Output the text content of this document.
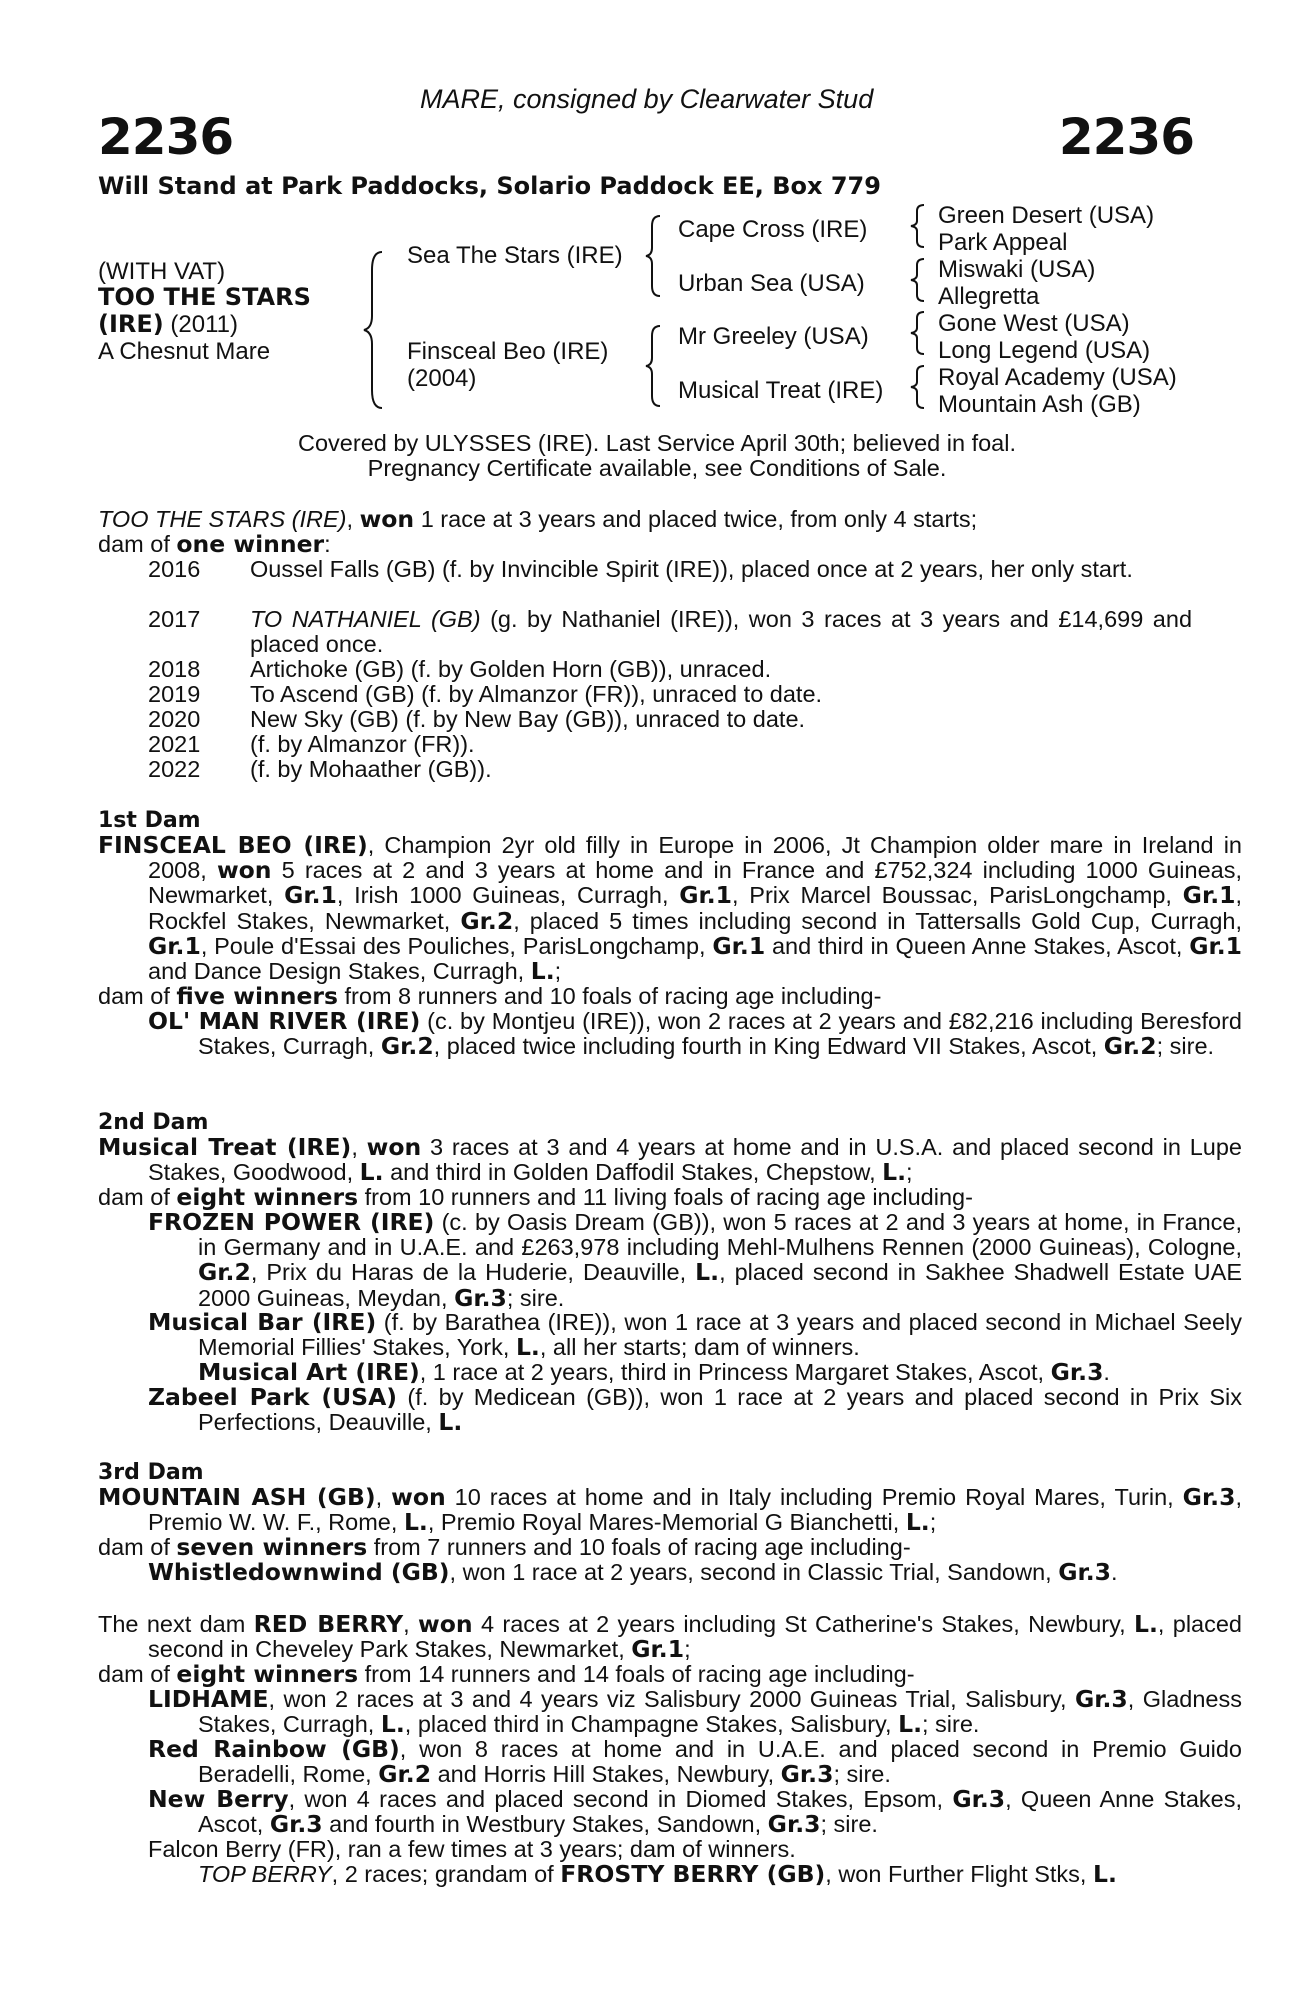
MARE, consigned by Clearwater Stud
2236	2236
Will Stand at Park Paddocks, Solario Paddock EE, Box 779
(WITH VAT)
TOO THE STARS
(IRE) (2011)
A Chesnut Mare
Sea The Stars (IRE)
Finsceal Beo (IRE)
(2004)
Cape Cross (IRE)
Urban Sea (USA)
Mr Greeley (USA)
Musical Treat (IRE)
Green Desert (USA)
Park Appeal
Miswaki (USA)
Allegretta
Gone West (USA)
Long Legend (USA)
Royal Academy (USA)
Mountain Ash (GB)
Covered by ULYSSES (IRE). Last Service April 30th; believed in foal.
Pregnancy Certificate available, see Conditions of Sale.
TOO THE STARS (IRE), won 1 race at 3 years and placed twice, from only 4 starts;
dam of one winner:
2016 Oussel Falls (GB) (f. by Invincible Spirit (IRE)), placed once at 2 years, her only start.
2017 TO NATHANIEL (GB) (g. by Nathaniel (IRE)), won 3 races at 3 years and £14,699 and placed once.
2018 Artichoke (GB) (f. by Golden Horn (GB)), unraced.
2019 To Ascend (GB) (f. by Almanzor (FR)), unraced to date.
2020 New Sky (GB) (f. by New Bay (GB)), unraced to date.
2021 (f. by Almanzor (FR)).
2022 (f. by Mohaather (GB)).
1st Dam
FINSCEAL BEO (IRE), Champion 2yr old filly in Europe in 2006, Jt Champion older mare in Ireland in 2008, won 5 races at 2 and 3 years at home and in France and £752,324 including 1000 Guineas, Newmarket, Gr.1, Irish 1000 Guineas, Curragh, Gr.1, Prix Marcel Boussac, ParisLongchamp, Gr.1, Rockfel Stakes, Newmarket, Gr.2, placed 5 times including second in Tattersalls Gold Cup, Curragh, Gr.1, Poule d'Essai des Pouliches, ParisLongchamp, Gr.1 and third in Queen Anne Stakes, Ascot, Gr.1 and Dance Design Stakes, Curragh, L.;
dam of five winners from 8 runners and 10 foals of racing age including-
OL' MAN RIVER (IRE) (c. by Montjeu (IRE)), won 2 races at 2 years and £82,216 including Beresford Stakes, Curragh, Gr.2, placed twice including fourth in King Edward VII Stakes, Ascot, Gr.2; sire.
2nd Dam
Musical Treat (IRE), won 3 races at 3 and 4 years at home and in U.S.A. and placed second in Lupe Stakes, Goodwood, L. and third in Golden Daffodil Stakes, Chepstow, L.;
dam of eight winners from 10 runners and 11 living foals of racing age including-
FROZEN POWER (IRE) (c. by Oasis Dream (GB)), won 5 races at 2 and 3 years at home, in France, in Germany and in U.A.E. and £263,978 including Mehl-Mulhens Rennen (2000 Guineas), Cologne, Gr.2, Prix du Haras de la Huderie, Deauville, L., placed second in Sakhee Shadwell Estate UAE 2000 Guineas, Meydan, Gr.3; sire.
Musical Bar (IRE) (f. by Barathea (IRE)), won 1 race at 3 years and placed second in Michael Seely Memorial Fillies' Stakes, York, L., all her starts; dam of winners.
Musical Art (IRE), 1 race at 2 years, third in Princess Margaret Stakes, Ascot, Gr.3.
Zabeel Park (USA) (f. by Medicean (GB)), won 1 race at 2 years and placed second in Prix Six Perfections, Deauville, L.
3rd Dam
MOUNTAIN ASH (GB), won 10 races at home and in Italy including Premio Royal Mares, Turin, Gr.3, Premio W. W. F., Rome, L., Premio Royal Mares-Memorial G Bianchetti, L.;
dam of seven winners from 7 runners and 10 foals of racing age including-
Whistledownwind (GB), won 1 race at 2 years, second in Classic Trial, Sandown, Gr.3.
The next dam RED BERRY, won 4 races at 2 years including St Catherine's Stakes, Newbury, L., placed second in Cheveley Park Stakes, Newmarket, Gr.1;
dam of eight winners from 14 runners and 14 foals of racing age including-
LIDHAME, won 2 races at 3 and 4 years viz Salisbury 2000 Guineas Trial, Salisbury, Gr.3, Gladness Stakes, Curragh, L., placed third in Champagne Stakes, Salisbury, L.; sire.
Red Rainbow (GB), won 8 races at home and in U.A.E. and placed second in Premio Guido Beradelli, Rome, Gr.2 and Horris Hill Stakes, Newbury, Gr.3; sire.
New Berry, won 4 races and placed second in Diomed Stakes, Epsom, Gr.3, Queen Anne Stakes, Ascot, Gr.3 and fourth in Westbury Stakes, Sandown, Gr.3; sire.
Falcon Berry (FR), ran a few times at 3 years; dam of winners.
TOP BERRY, 2 races; grandam of FROSTY BERRY (GB), won Further Flight Stks, L.
